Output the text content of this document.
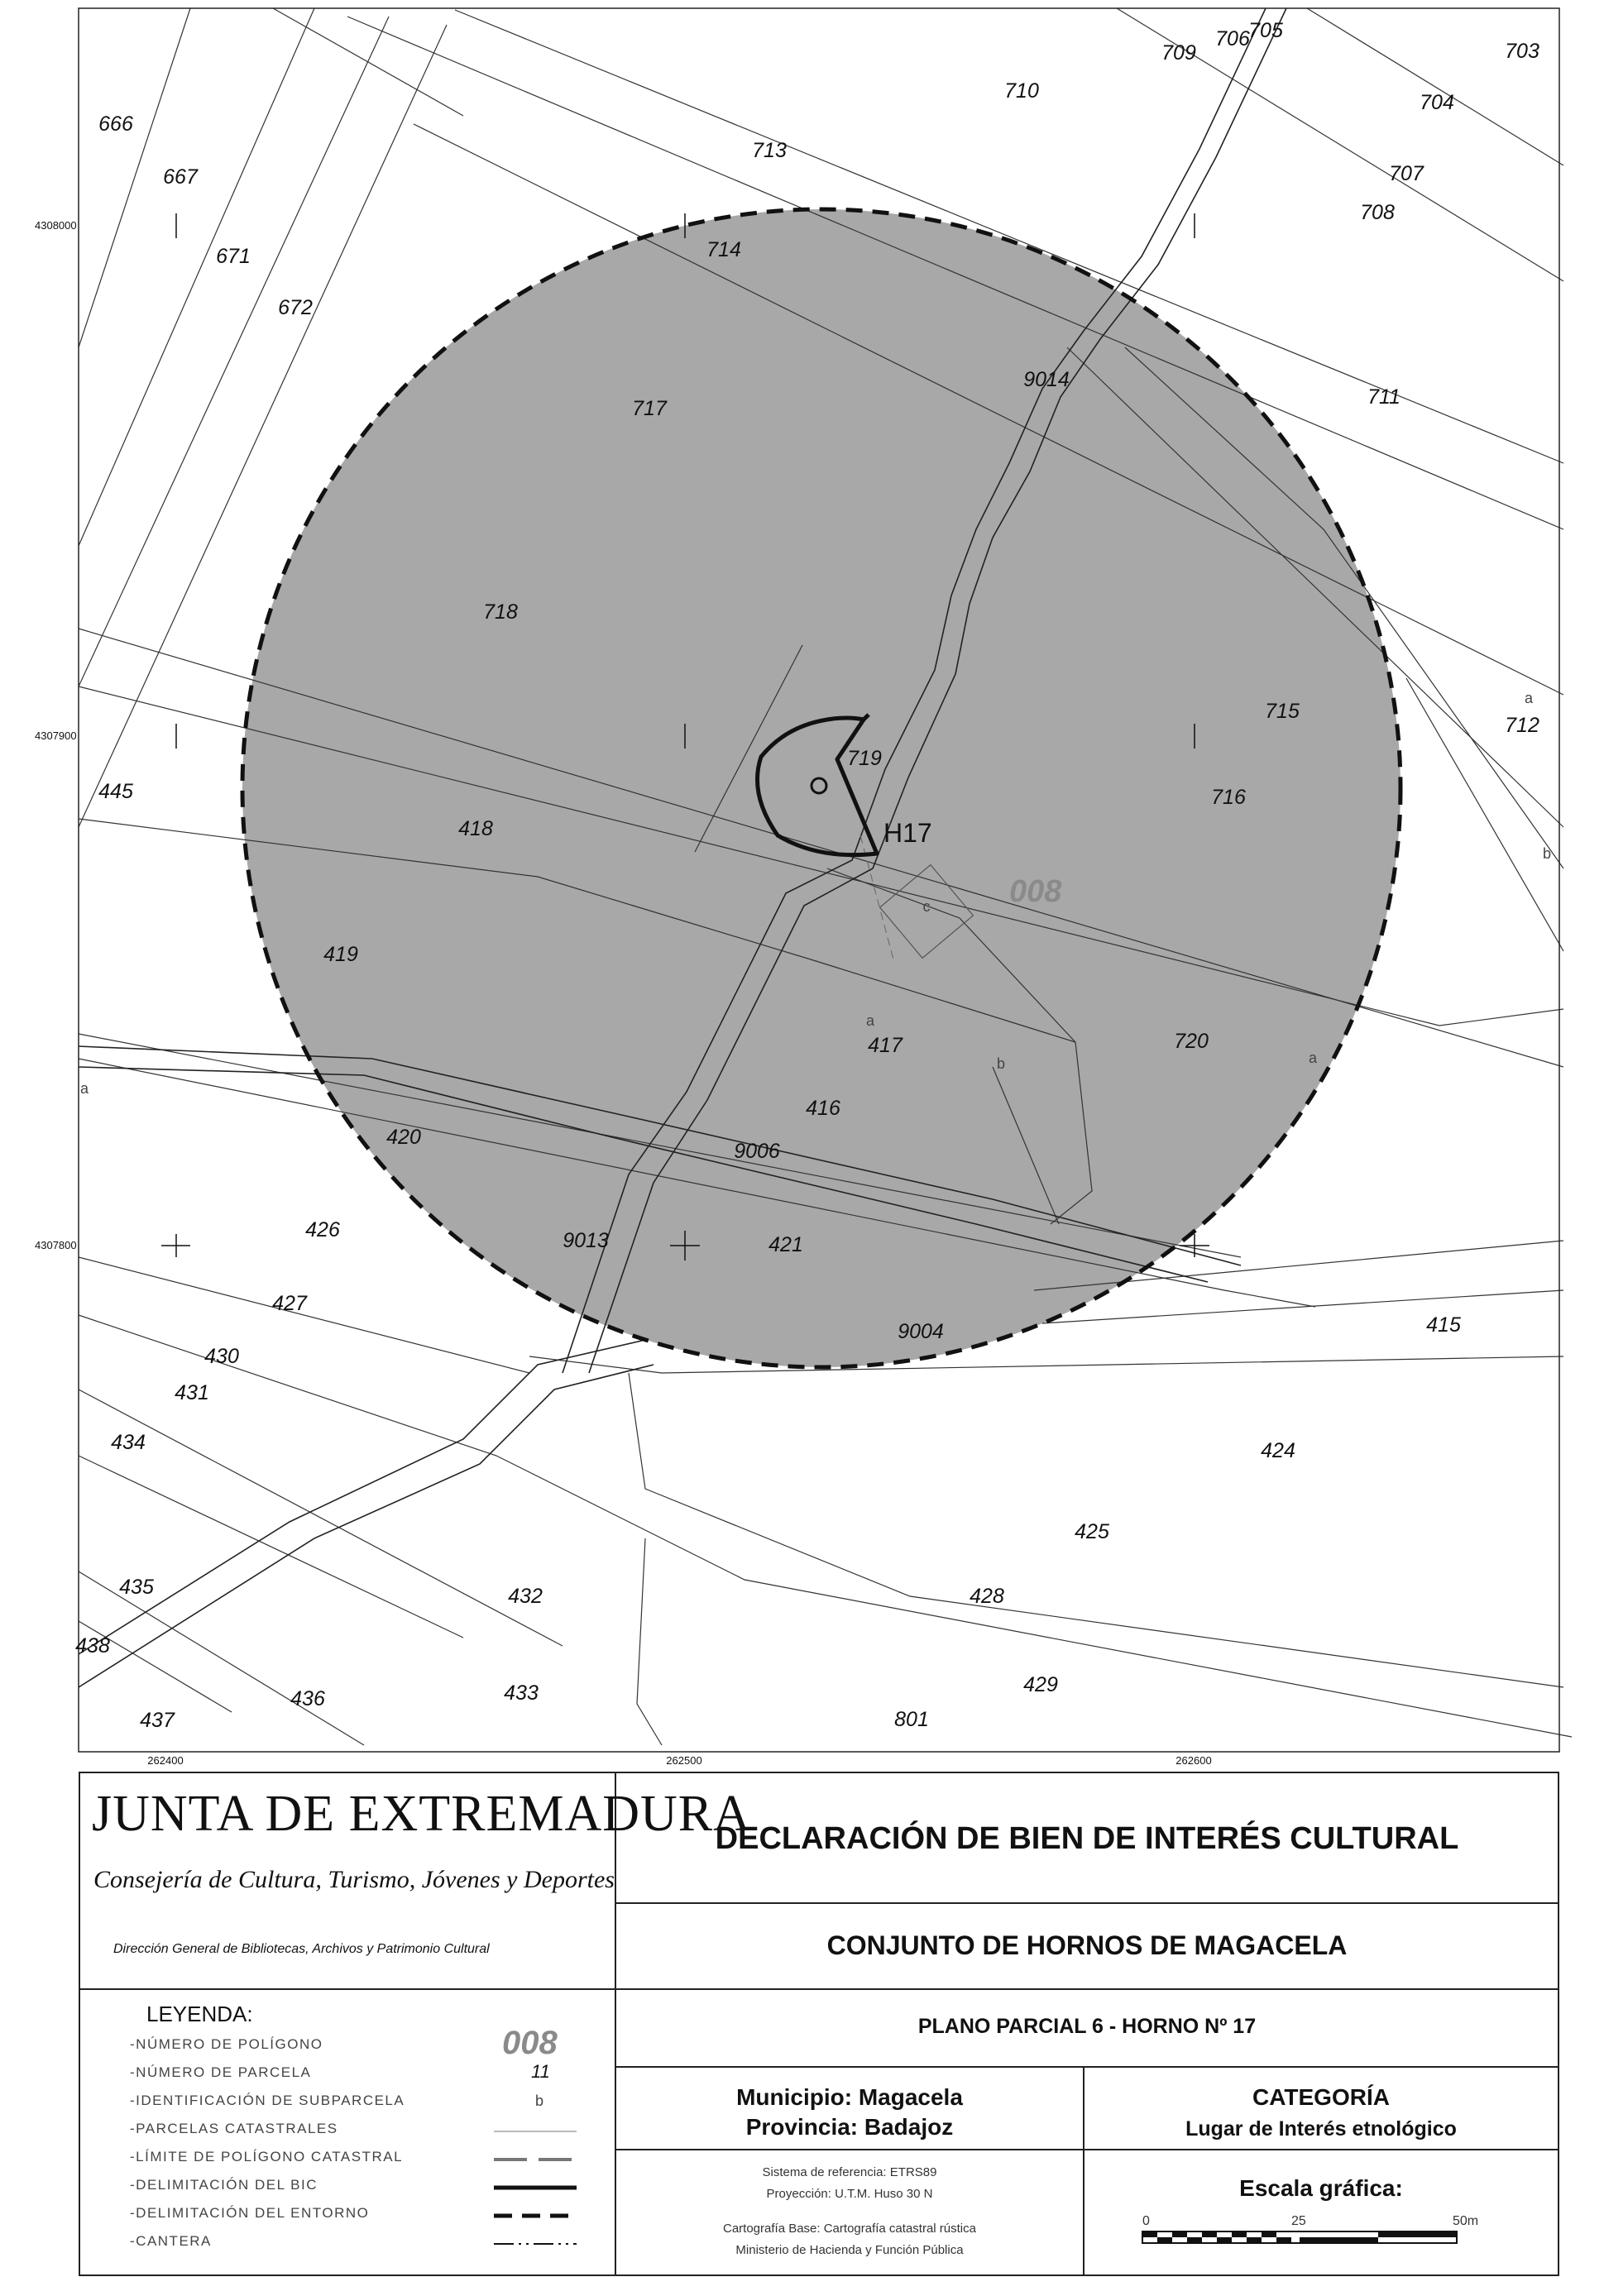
666
667
671
672
713
710
709
706
705
703
704
707
708
714
9014
711
717
718
715
712
445
719
716
418
419
417	720
416
420
9006
426	9013	421
427
9004	415
430
431
434	424
425
435	432	428
438
429
437
436	433
801
a
b
c
a
b	a
a
4308000
4307900
4307800
262400	262500	262600
008
H17
JUNTA DE EXTREMADURA
Consejería de Cultura, Turismo, Jóvenes y Deportes
Dirección General de Bibliotecas, Archivos y Patrimonio Cultural
LEYENDA:
-NÚMERO DE POLÍGONO	008
-NÚMERO DE PARCELA	11
-IDENTIFICACIÓN DE SUBPARCELA	b
-PARCELAS CATASTRALES
-LÍMITE DE POLÍGONO CATASTRAL
-DELIMITACIÓN DEL BIC
-DELIMITACIÓN DEL ENTORNO
-CANTERA
DECLARACIÓN DE BIEN DE INTERÉS CULTURAL
CONJUNTO DE HORNOS DE MAGACELA
PLANO PARCIAL 6 - HORNO Nº 17
Municipio: Magacela
Provincia: Badajoz
CATEGORÍA
Lugar de Interés etnológico
Sistema de referencia: ETRS89
Proyección: U.T.M. Huso 30 N
Cartografía Base: Cartografía catastral rústica
Ministerio de Hacienda y Función Pública
Escala gráfica:
0	25	50m
